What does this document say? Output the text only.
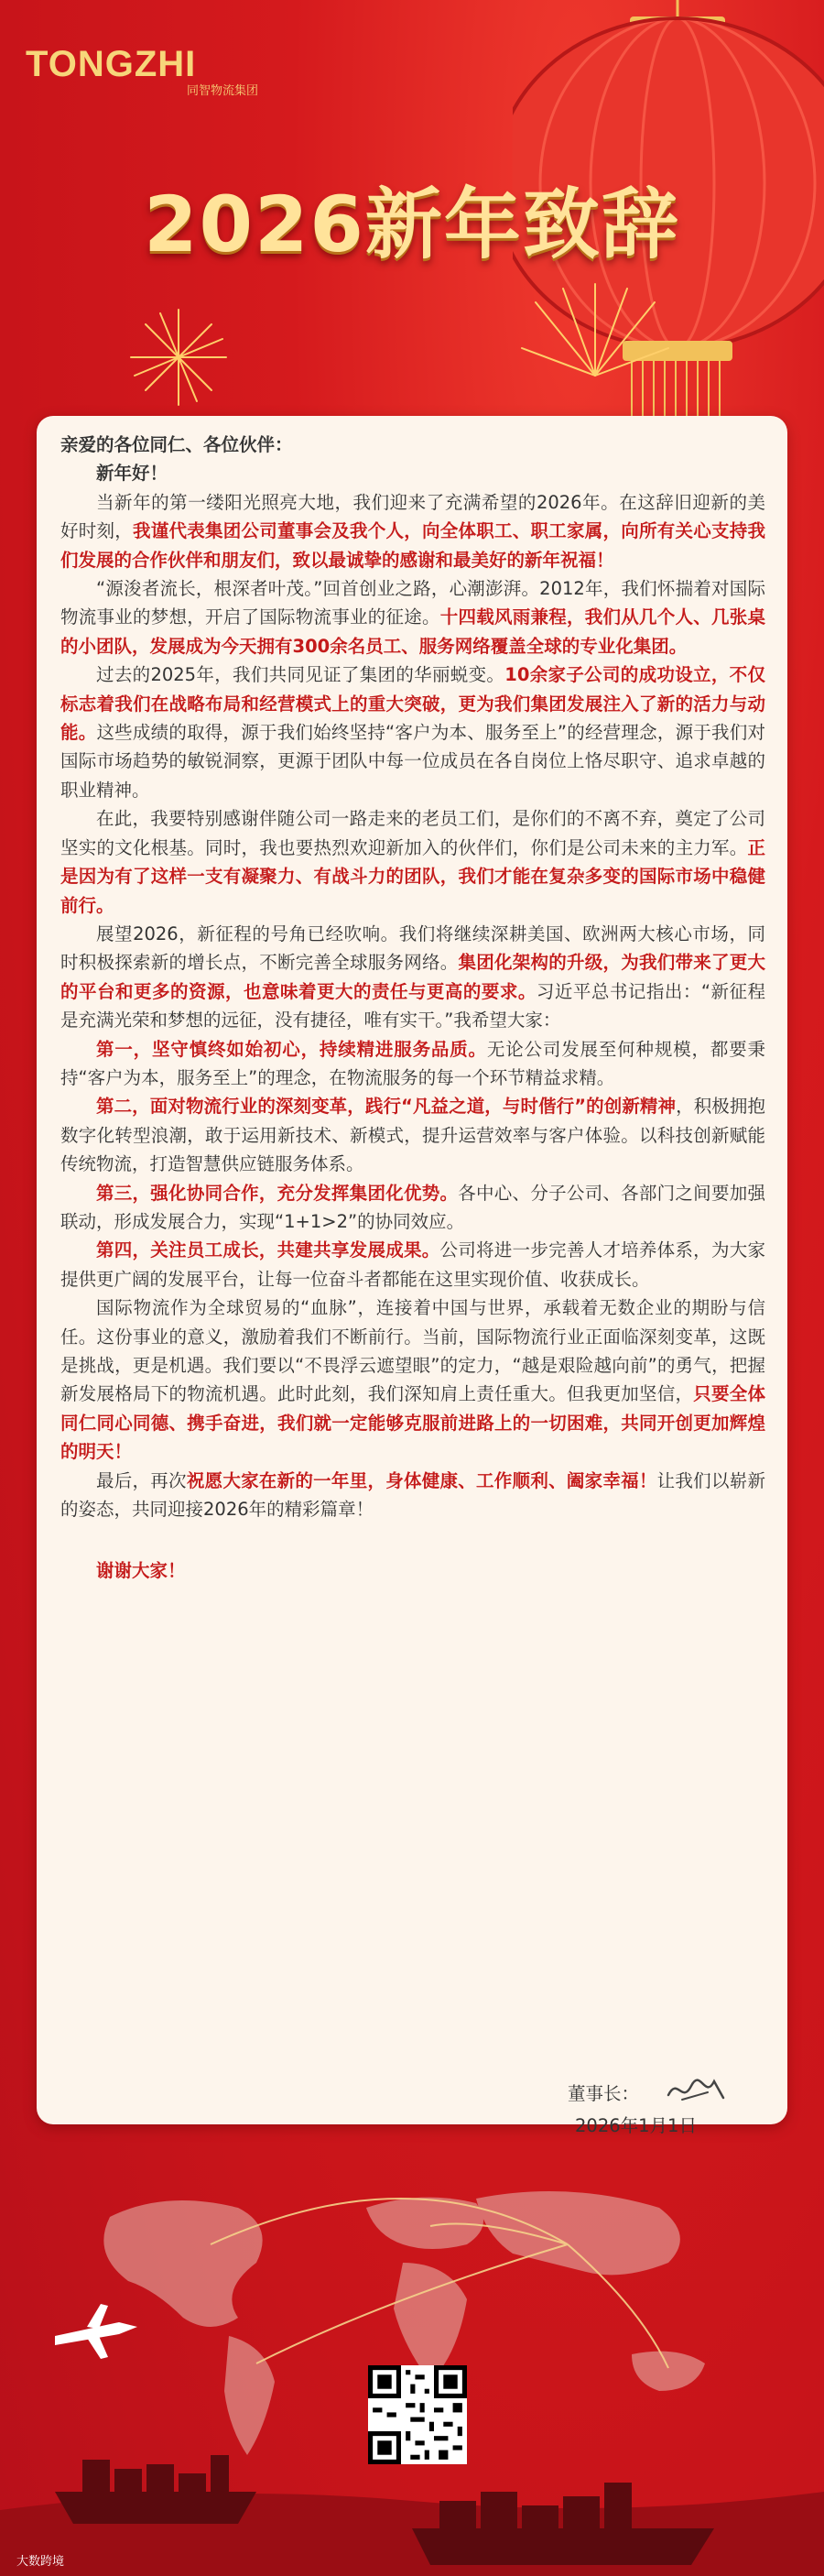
TONGZHI
同智物流集团
2026新年致辞

亲爱的各位同仁、各位伙伴：

新年好！

当新年的第一缕阳光照亮大地，我们迎来了充满希望的2026年。在这辞旧迎新的美好时刻，我谨代表集团公司董事会及我个人，向全体职工、职工家属，向所有关心支持我们发展的合作伙伴和朋友们，致以最诚挚的感谢和最美好的新年祝福！

“源浚者流长，根深者叶茂。”回首创业之路，心潮澎湃。2012年，我们怀揣着对国际物流事业的梦想，开启了国际物流事业的征途。十四载风雨兼程，我们从几个人、几张桌的小团队，发展成为今天拥有300余名员工、服务网络覆盖全球的专业化集团。

过去的2025年，我们共同见证了集团的华丽蜕变。10余家子公司的成功设立，不仅标志着我们在战略布局和经营模式上的重大突破，更为我们集团发展注入了新的活力与动能。这些成绩的取得，源于我们始终坚持“客户为本、服务至上”的经营理念，源于我们对国际市场趋势的敏锐洞察，更源于团队中每一位成员在各自岗位上恪尽职守、追求卓越的职业精神。

在此，我要特别感谢伴随公司一路走来的老员工们，是你们的不离不弃，奠定了公司坚实的文化根基。同时，我也要热烈欢迎新加入的伙伴们，你们是公司未来的主力军。正是因为有了这样一支有凝聚力、有战斗力的团队，我们才能在复杂多变的国际市场中稳健前行。

展望2026，新征程的号角已经吹响。我们将继续深耕美国、欧洲两大核心市场，同时积极探索新的增长点，不断完善全球服务网络。集团化架构的升级，为我们带来了更大的平台和更多的资源，也意味着更大的责任与更高的要求。习近平总书记指出：“新征程是充满光荣和梦想的远征，没有捷径，唯有实干。”我希望大家：

第一，坚守慎终如始初心，持续精进服务品质。无论公司发展至何种规模，都要秉持“客户为本，服务至上”的理念，在物流服务的每一个环节精益求精。

第二，面对物流行业的深刻变革，践行“凡益之道，与时偕行”的创新精神，积极拥抱数字化转型浪潮，敢于运用新技术、新模式，提升运营效率与客户体验。以科技创新赋能传统物流，打造智慧供应链服务体系。

第三，强化协同合作，充分发挥集团化优势。各中心、分子公司、各部门之间要加强联动，形成发展合力，实现“1+1>2”的协同效应。

第四，关注员工成长，共建共享发展成果。公司将进一步完善人才培养体系，为大家提供更广阔的发展平台，让每一位奋斗者都能在这里实现价值、收获成长。

国际物流作为全球贸易的“血脉”，连接着中国与世界，承载着无数企业的期盼与信任。这份事业的意义，激励着我们不断前行。当前，国际物流行业正面临深刻变革，这既是挑战，更是机遇。我们要以“不畏浮云遮望眼”的定力，“越是艰险越向前”的勇气，把握新发展格局下的物流机遇。此时此刻，我们深知肩上责任重大。但我更加坚信，只要全体同仁同心同德、携手奋进，我们就一定能够克服前进路上的一切困难，共同开创更加辉煌的明天！

最后，再次祝愿大家在新的一年里，身体健康、工作顺利、阖家幸福！让我们以崭新的姿态，共同迎接2026年的精彩篇章！

谢谢大家！

董事长：
2026年1月1日
大数跨境
